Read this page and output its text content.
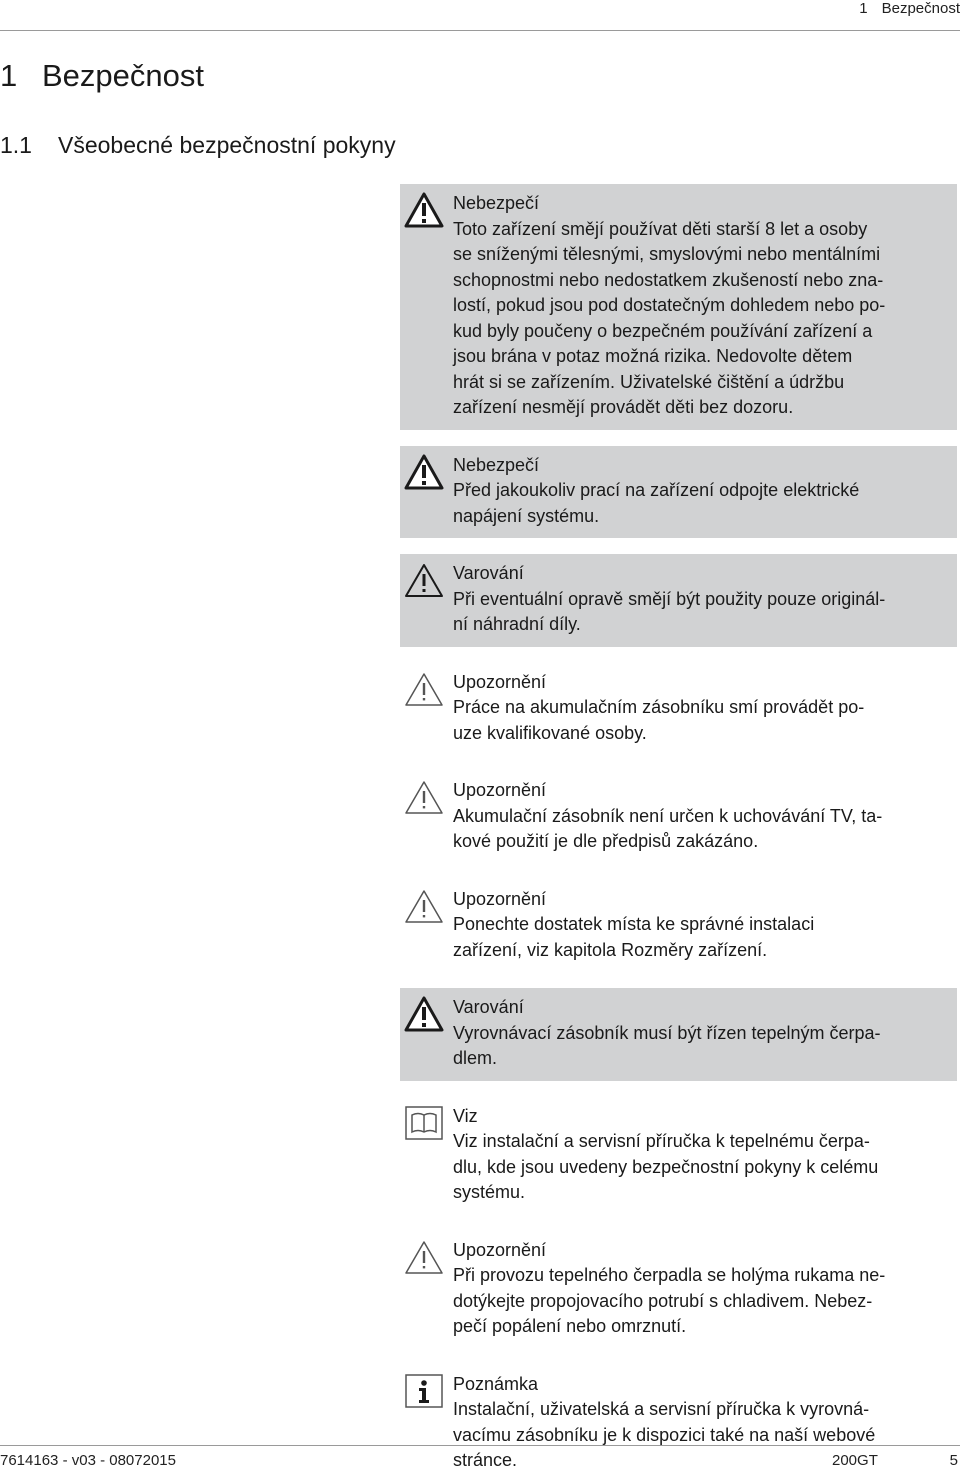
1 Bezpečnost
1 Bezpečnost
1.1	Všeobecné bezpečnostní pokyny
Nebezpečí
Toto zařízení smějí používat děti starší 8 let a osoby
se sníženými tělesnými, smyslovými nebo mentálními
schopnostmi nebo nedostatkem zkušeností nebo zna-
lostí, pokud jsou pod dostatečným dohledem nebo po-
kud byly poučeny o bezpečném používání zařízení a
jsou brána v potaz možná rizika. Nedovolte dětem
hrát si se zařízením. Uživatelské čištění a údržbu
zařízení nesmějí provádět děti bez dozoru.
Nebezpečí
Před jakoukoliv prací na zařízení odpojte elektrické
napájení systému.
Varování
Při eventuální opravě smějí být použity pouze originál-
ní náhradní díly.
Upozornění
Práce na akumulačním zásobníku smí provádět po-
uze kvalifikované osoby.
Upozornění
Akumulační zásobník není určen k uchovávání TV, ta-
kové použití je dle předpisů zakázáno.
Upozornění
Ponechte dostatek místa ke správné instalaci
zařízení, viz kapitola Rozměry zařízení.
Varování
Vyrovnávací zásobník musí být řízen tepelným čerpa-
dlem.
Viz
Viz instalační a servisní příručka k tepelnému čerpa-
dlu, kde jsou uvedeny bezpečnostní pokyny k celému
systému.
Upozornění
Při provozu tepelného čerpadla se holýma rukama ne-
dotýkejte propojovacího potrubí s chladivem. Nebez-
pečí popálení nebo omrznutí.
Poznámka
Instalační, uživatelská a servisní příručka k vyrovná-
vacímu zásobníku je k dispozici také na naší webové
stránce.
7614163 - v03 - 08072015	200GT	5
